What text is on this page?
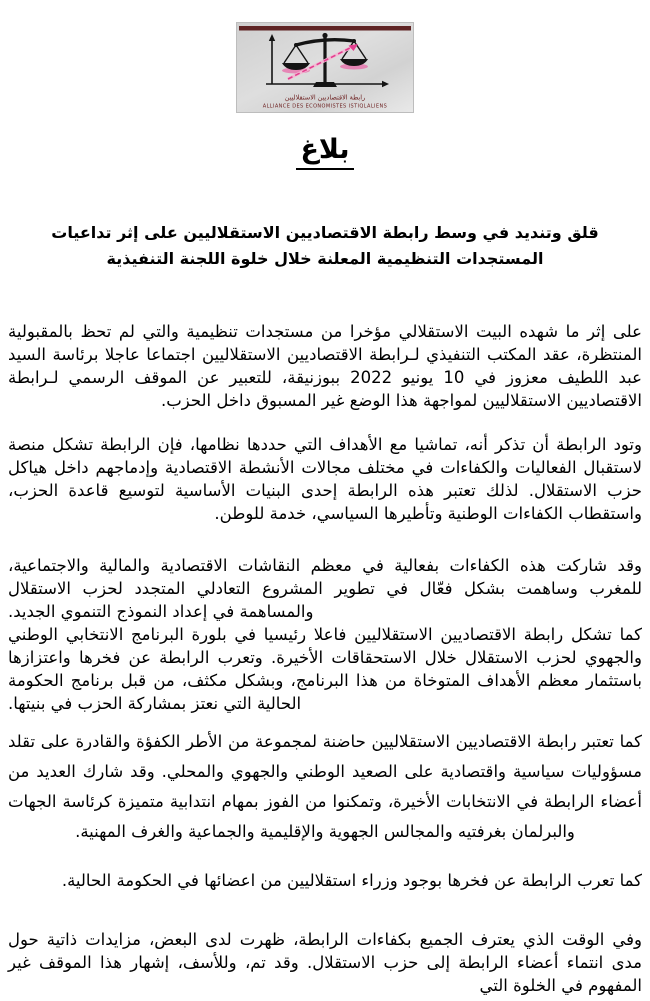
رابطة الاقتصاديين الاستقلاليين
ALLIANCE DES ECONOMISTES ISTIQLALIENS
بلاغ
قلق وتنديد في وسط رابطة الاقتصاديين الاستقلاليين على إثر تداعيات المستجدات التنظيمية المعلنة خلال خلوة اللجنة التنفيذية

على إثر ما شهده البيت الاستقلالي مؤخرا من مستجدات تنظيمية والتي لم تحظ بالمقبولية المنتظرة، عقد المكتب التنفيذي لـرابطة الاقتصاديين الاستقلاليين اجتماعا عاجلا برئاسة السيد عبد اللطيف معزوز في 10 يونيو 2022 ببوزنيقة، للتعبير عن الموقف الرسمي لـرابطة الاقتصاديين الاستقلاليين لمواجهة هذا الوضع غير المسبوق داخل الحزب.

وتود الرابطة أن تذكر أنه، تماشيا مع الأهداف التي حددها نظامها، فإن الرابطة تشكل منصة لاستقبال الفعاليات والكفاءات في مختلف مجالات الأنشطة الاقتصادية وإدماجهم داخل هياكل حزب الاستقلال. لذلك تعتبر هذه الرابطة إحدى البنيات الأساسية لتوسيع قاعدة الحزب، واستقطاب الكفاءات الوطنية وتأطيرها السياسي، خدمة للوطن.

وقد شاركت هذه الكفاءات بفعالية في معظم النقاشات الاقتصادية والمالية والاجتماعية، للمغرب وساهمت بشكل فعّال في تطوير المشروع التعادلي المتجدد لحزب الاستقلال والمساهمة في إعداد النموذج التنموي الجديد.

كما تشكل رابطة الاقتصاديين الاستقلاليين فاعلا رئيسيا في بلورة البرنامج الانتخابي الوطني والجهوي لحزب الاستقلال خلال الاستحقاقات الأخيرة. وتعرب الرابطة عن فخرها واعتزازها باستثمار معظم الأهداف المتوخاة من هذا البرنامج، وبشكل مكثف، من قبل برنامج الحكومة الحالية التي نعتز بمشاركة الحزب في بنيتها.

كما تعتبر رابطة الاقتصاديين الاستقلاليين حاضنة لمجموعة من الأطر الكفؤة والقادرة على تقلد مسؤوليات سياسية واقتصادية على الصعيد الوطني والجهوي والمحلي. وقد شارك العديد من أعضاء الرابطة في الانتخابات الأخيرة، وتمكنوا من الفوز بمهام انتدابية متميزة كرئاسة الجهات والبرلمان بغرفتيه والمجالس الجهوية والإقليمية والجماعية والغرف المهنية.

كما تعرب الرابطة عن فخرها بوجود وزراء استقلاليين من اعضائها في الحكومة الحالية.

وفي الوقت الذي يعترف الجميع بكفاءات الرابطة، ظهرت لدى البعض، مزايدات ذاتية حول مدى انتماء أعضاء الرابطة إلى حزب الاستقلال. وقد تم، وللأسف، إشهار هذا الموقف غير المفهوم في الخلوة التي
